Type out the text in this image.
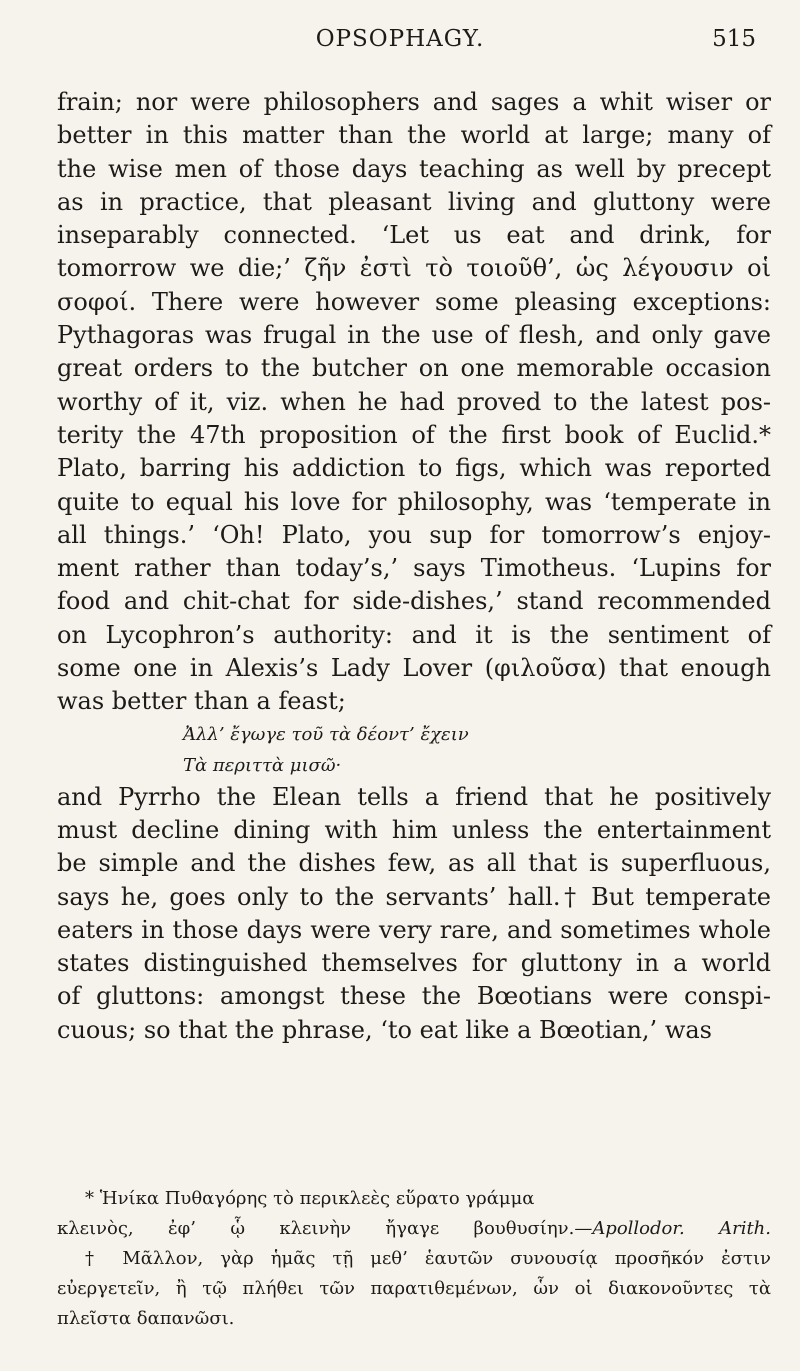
OPSOPHAGY.	515
frain; nor were philosophers and sages a whit wiser or
better in this matter than the world at large; many of
the wise men of those days teaching as well by precept
as in practice, that pleasant living and gluttony were
inseparably connected. ‘Let us eat and drink, for
tomorrow we die;’ ζῆν ἐστὶ τὸ τοιοῦθ’, ὡς λέγουσιν οἱ
σοφοί. There were however some pleasing exceptions:
Pythagoras was frugal in the use of flesh, and only gave
great orders to the butcher on one memorable occasion
worthy of it, viz. when he had proved to the latest pos-
terity the 47th proposition of the first book of Euclid.*
Plato, barring his addiction to figs, which was reported
quite to equal his love for philosophy, was ‘temperate in
all things.’ ‘Oh! Plato, you sup for tomorrow’s enjoy-
ment rather than today’s,’ says Timotheus. ‘Lupins for
food and chit-chat for side-dishes,’ stand recommended
on Lycophron’s authority: and it is the sentiment of
some one in Alexis’s Lady Lover (φιλοῦσα) that enough
was better than a feast;
Ἀλλ’ ἔγωγε τοῦ τὰ δέοντ’ ἔχειν
Τὰ περιττὰ μισῶ·
and Pyrrho the Elean tells a friend that he positively
must decline dining with him unless the entertainment
be simple and the dishes few, as all that is superfluous,
says he, goes only to the servants’ hall.† But temperate
eaters in those days were very rare, and sometimes whole
states distinguished themselves for gluttony in a world
of gluttons: amongst these the Bœotians were conspi-
cuous; so that the phrase, ‘to eat like a Bœotian,’ was
* Ἡνίκα Πυθαγόρης τὸ περικλεὲς εὕρατο γράμμα
κλεινὸς, ἐφ’ ᾧ κλεινὴν ἤγαγε βουθυσίην.—Apollodor. Arith.
† Μᾶλλον, γὰρ ἡμᾶς τῇ μεθ’ ἑαυτῶν συνουσίᾳ προσῆκόν ἐστιν
εὐεργετεῖν, ἢ τῷ πλήθει τῶν παρατιθεμένων, ὧν οἱ διακονοῦντες τὰ
πλεῖστα δαπανῶσι.
